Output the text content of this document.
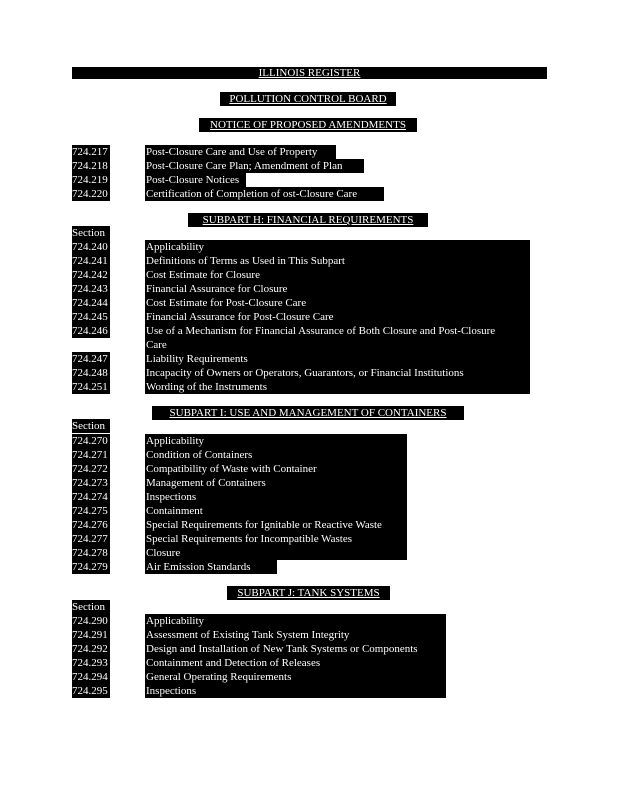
ILLINOIS REGISTER
POLLUTION CONTROL BOARD
NOTICE OF PROPOSED AMENDMENTS
724.217	Post-Closure Care and Use of Property
724.218	Post-Closure Care Plan; Amendment of Plan
724.219	Post-Closure Notices
724.220	Certification of Completion of ost-Closure Care
SUBPART H: FINANCIAL REQUIREMENTS
Section
724.240	Applicability
724.241	Definitions of Terms as Used in This Subpart
724.242	Cost Estimate for Closure
724.243	Financial Assurance for Closure
724.244	Cost Estimate for Post-Closure Care
724.245	Financial Assurance for Post-Closure Care
724.246	Use of a Mechanism for Financial Assurance of Both Closure and Post-Closure
Care
724.247	Liability Requirements
724.248	Incapacity of Owners or Operators, Guarantors, or Financial Institutions
724.251	Wording of the Instruments
SUBPART I: USE AND MANAGEMENT OF CONTAINERS
Section
724.270	Applicability
724.271	Condition of Containers
724.272	Compatibility of Waste with Container
724.273	Management of Containers
724.274	Inspections
724.275	Containment
724.276	Special Requirements for Ignitable or Reactive Waste
724.277	Special Requirements for Incompatible Wastes
724.278	Closure
724.279	Air Emission Standards
SUBPART J: TANK SYSTEMS
Section
724.290	Applicability
724.291	Assessment of Existing Tank System Integrity
724.292	Design and Installation of New Tank Systems or Components
724.293	Containment and Detection of Releases
724.294	General Operating Requirements
724.295	Inspections
